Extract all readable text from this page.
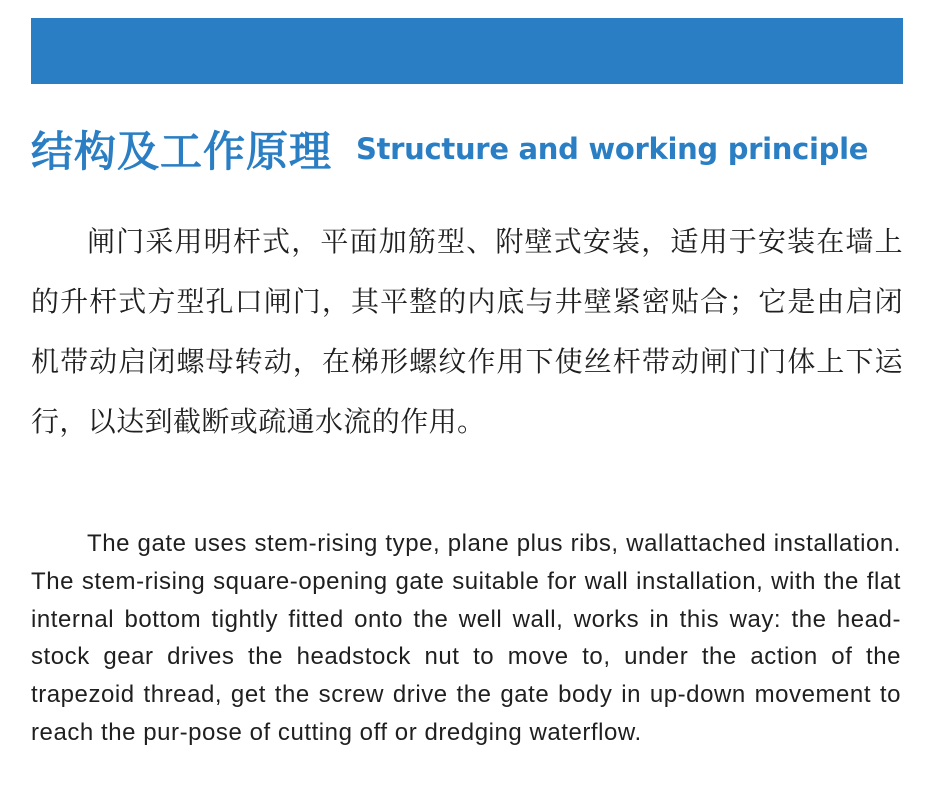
结构及工作原理 Structure and working principle

闸门采用明杆式，平面加筋型、附壁式安装，适用于安装在墙上的升杆式方型孔口闸门，其平整的内底与井壁紧密贴合；它是由启闭机带动启闭螺母转动，在梯形螺纹作用下使丝杆带动闸门门体上下运行，以达到截断或疏通水流的作用。

The gate uses stem-rising type, plane plus ribs, wallattached installation. The stem-rising square-opening gate suitable for wall installation, with the flat internal bottom tightly fitted onto the well wall, works in this way: the head-stock gear drives the headstock nut to move to, under the action of the trapezoid thread, get the screw drive the gate body in up-down movement to reach the pur-pose of cutting off or dredging waterflow.
